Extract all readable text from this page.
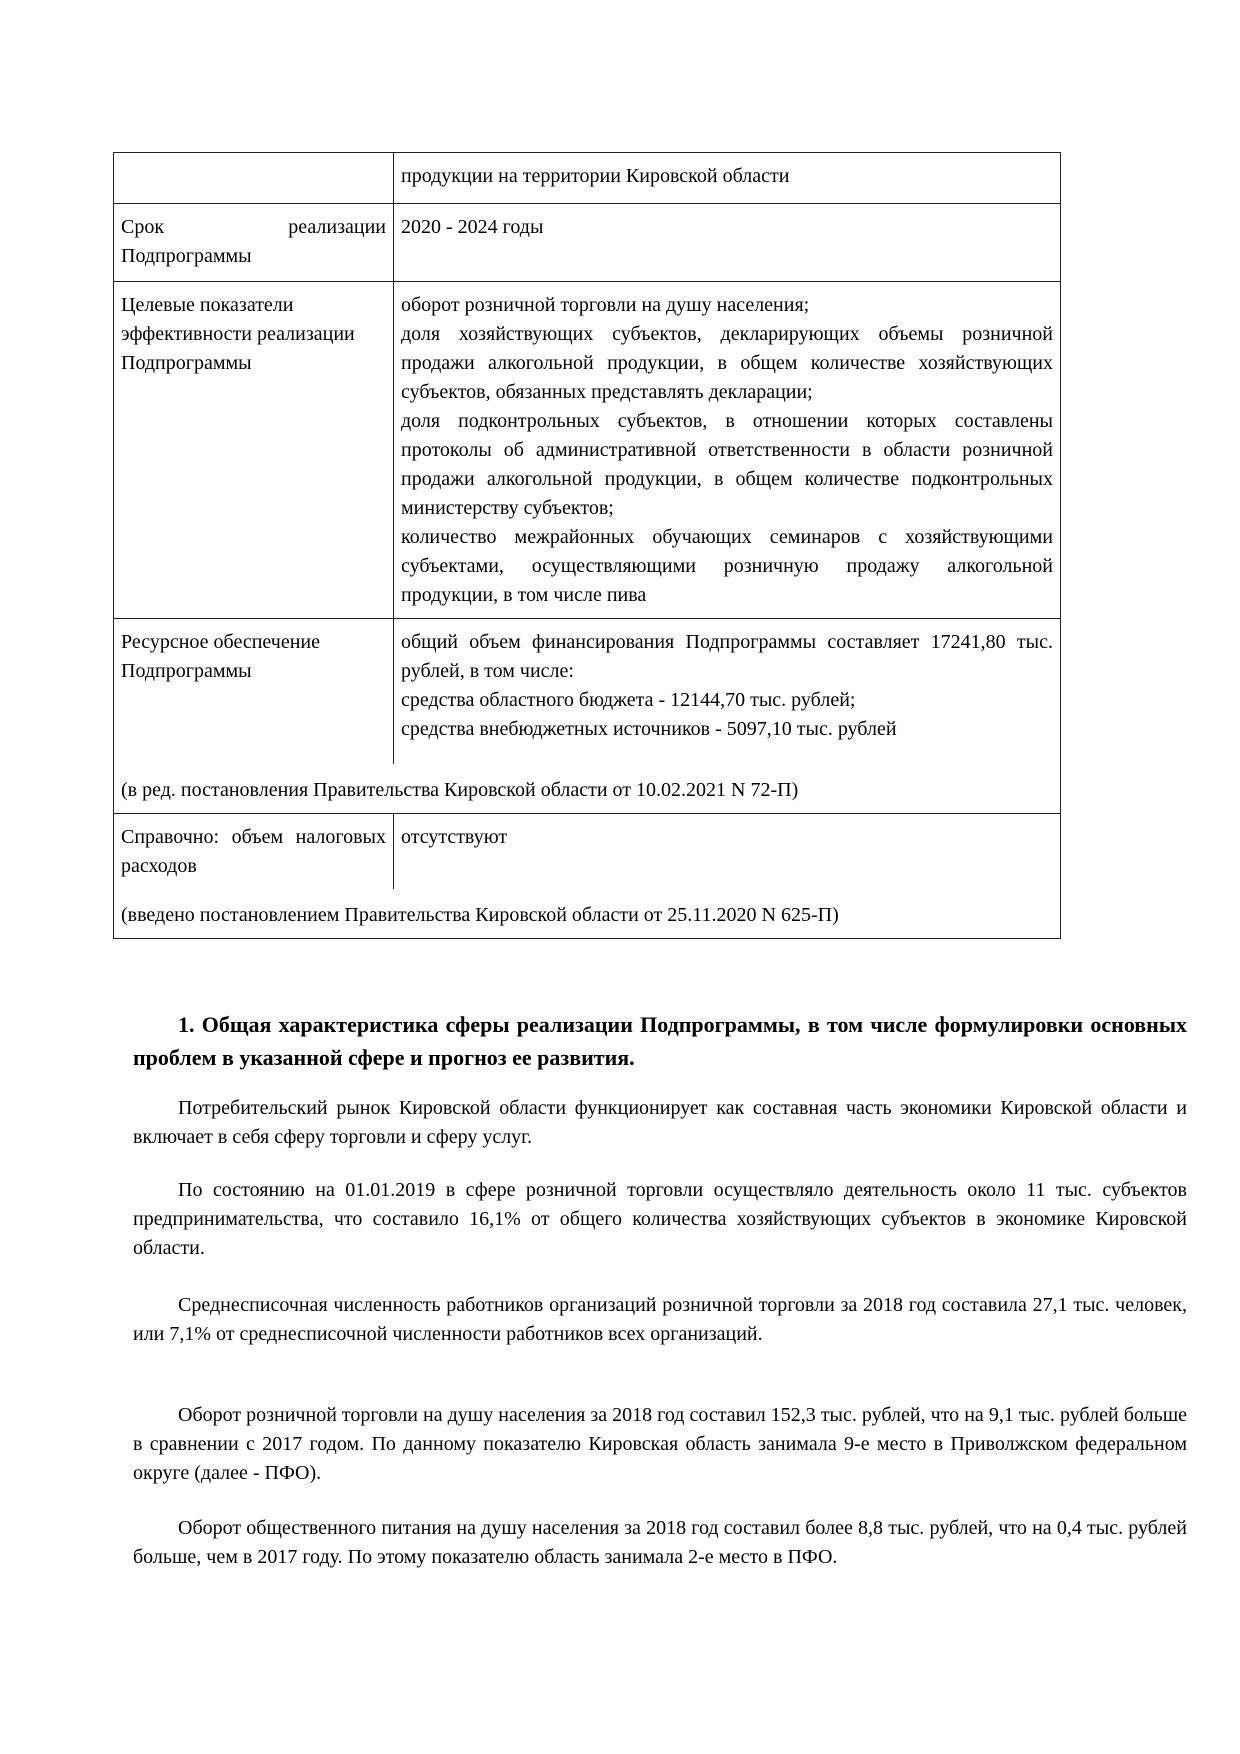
	продукции на территории Кировской области
Срок реализации Подпрограммы	2020 - 2024 годы
Целевые показатели эффективности реализации Подпрограммы	оборот розничной торговли на душу населения;
доля хозяйствующих субъектов, декларирующих объемы розничной продажи алкогольной продукции, в общем количестве хозяйствующих субъектов, обязанных представлять декларации;
доля подконтрольных субъектов, в отношении которых составлены протоколы об административной ответственности в области розничной продажи алкогольной продукции, в общем количестве подконтрольных министерству субъектов;
количество межрайонных обучающих семинаров с хозяйствующими субъектами, осуществляющими розничную продажу алкогольной продукции, в том числе пива

Ресурсное обеспечение Подпрограммы	общий объем финансирования Подпрограммы составляет 17241,80 тыс. рублей, в том числе:
средства областного бюджета - 12144,70 тыс. рублей;
средства внебюджетных источников - 5097,10 тыс. рублей

(в ред. постановления Правительства Кировской области от 10.02.2021 N 72-П)	
Справочно: объем налоговых расходов	отсутствуют
(введено постановлением Правительства Кировской области от 25.11.2020 N 625-П)	
1. Общая характеристика сферы реализации Подпрограммы, в том числе формулировки основных проблем в указанной сфере и прогноз ее развития.

Потребительский рынок Кировской области функционирует как составная часть экономики Кировской области и включает в себя сферу торговли и сферу услуг.

По состоянию на 01.01.2019 в сфере розничной торговли осуществляло деятельность около 11 тыс. субъектов предпринимательства, что составило 16,1% от общего количества хозяйствующих субъектов в экономике Кировской области.

Среднесписочная численность работников организаций розничной торговли за 2018 год составила 27,1 тыс. человек, или 7,1% от среднесписочной численности работников всех организаций.

Оборот розничной торговли на душу населения за 2018 год составил 152,3 тыс. рублей, что на 9,1 тыс. рублей больше в сравнении с 2017 годом. По данному показателю Кировская область занимала 9-е место в Приволжском федеральном округе (далее - ПФО).

Оборот общественного питания на душу населения за 2018 год составил более 8,8 тыс. рублей, что на 0,4 тыс. рублей больше, чем в 2017 году. По этому показателю область занимала 2-е место в ПФО.
